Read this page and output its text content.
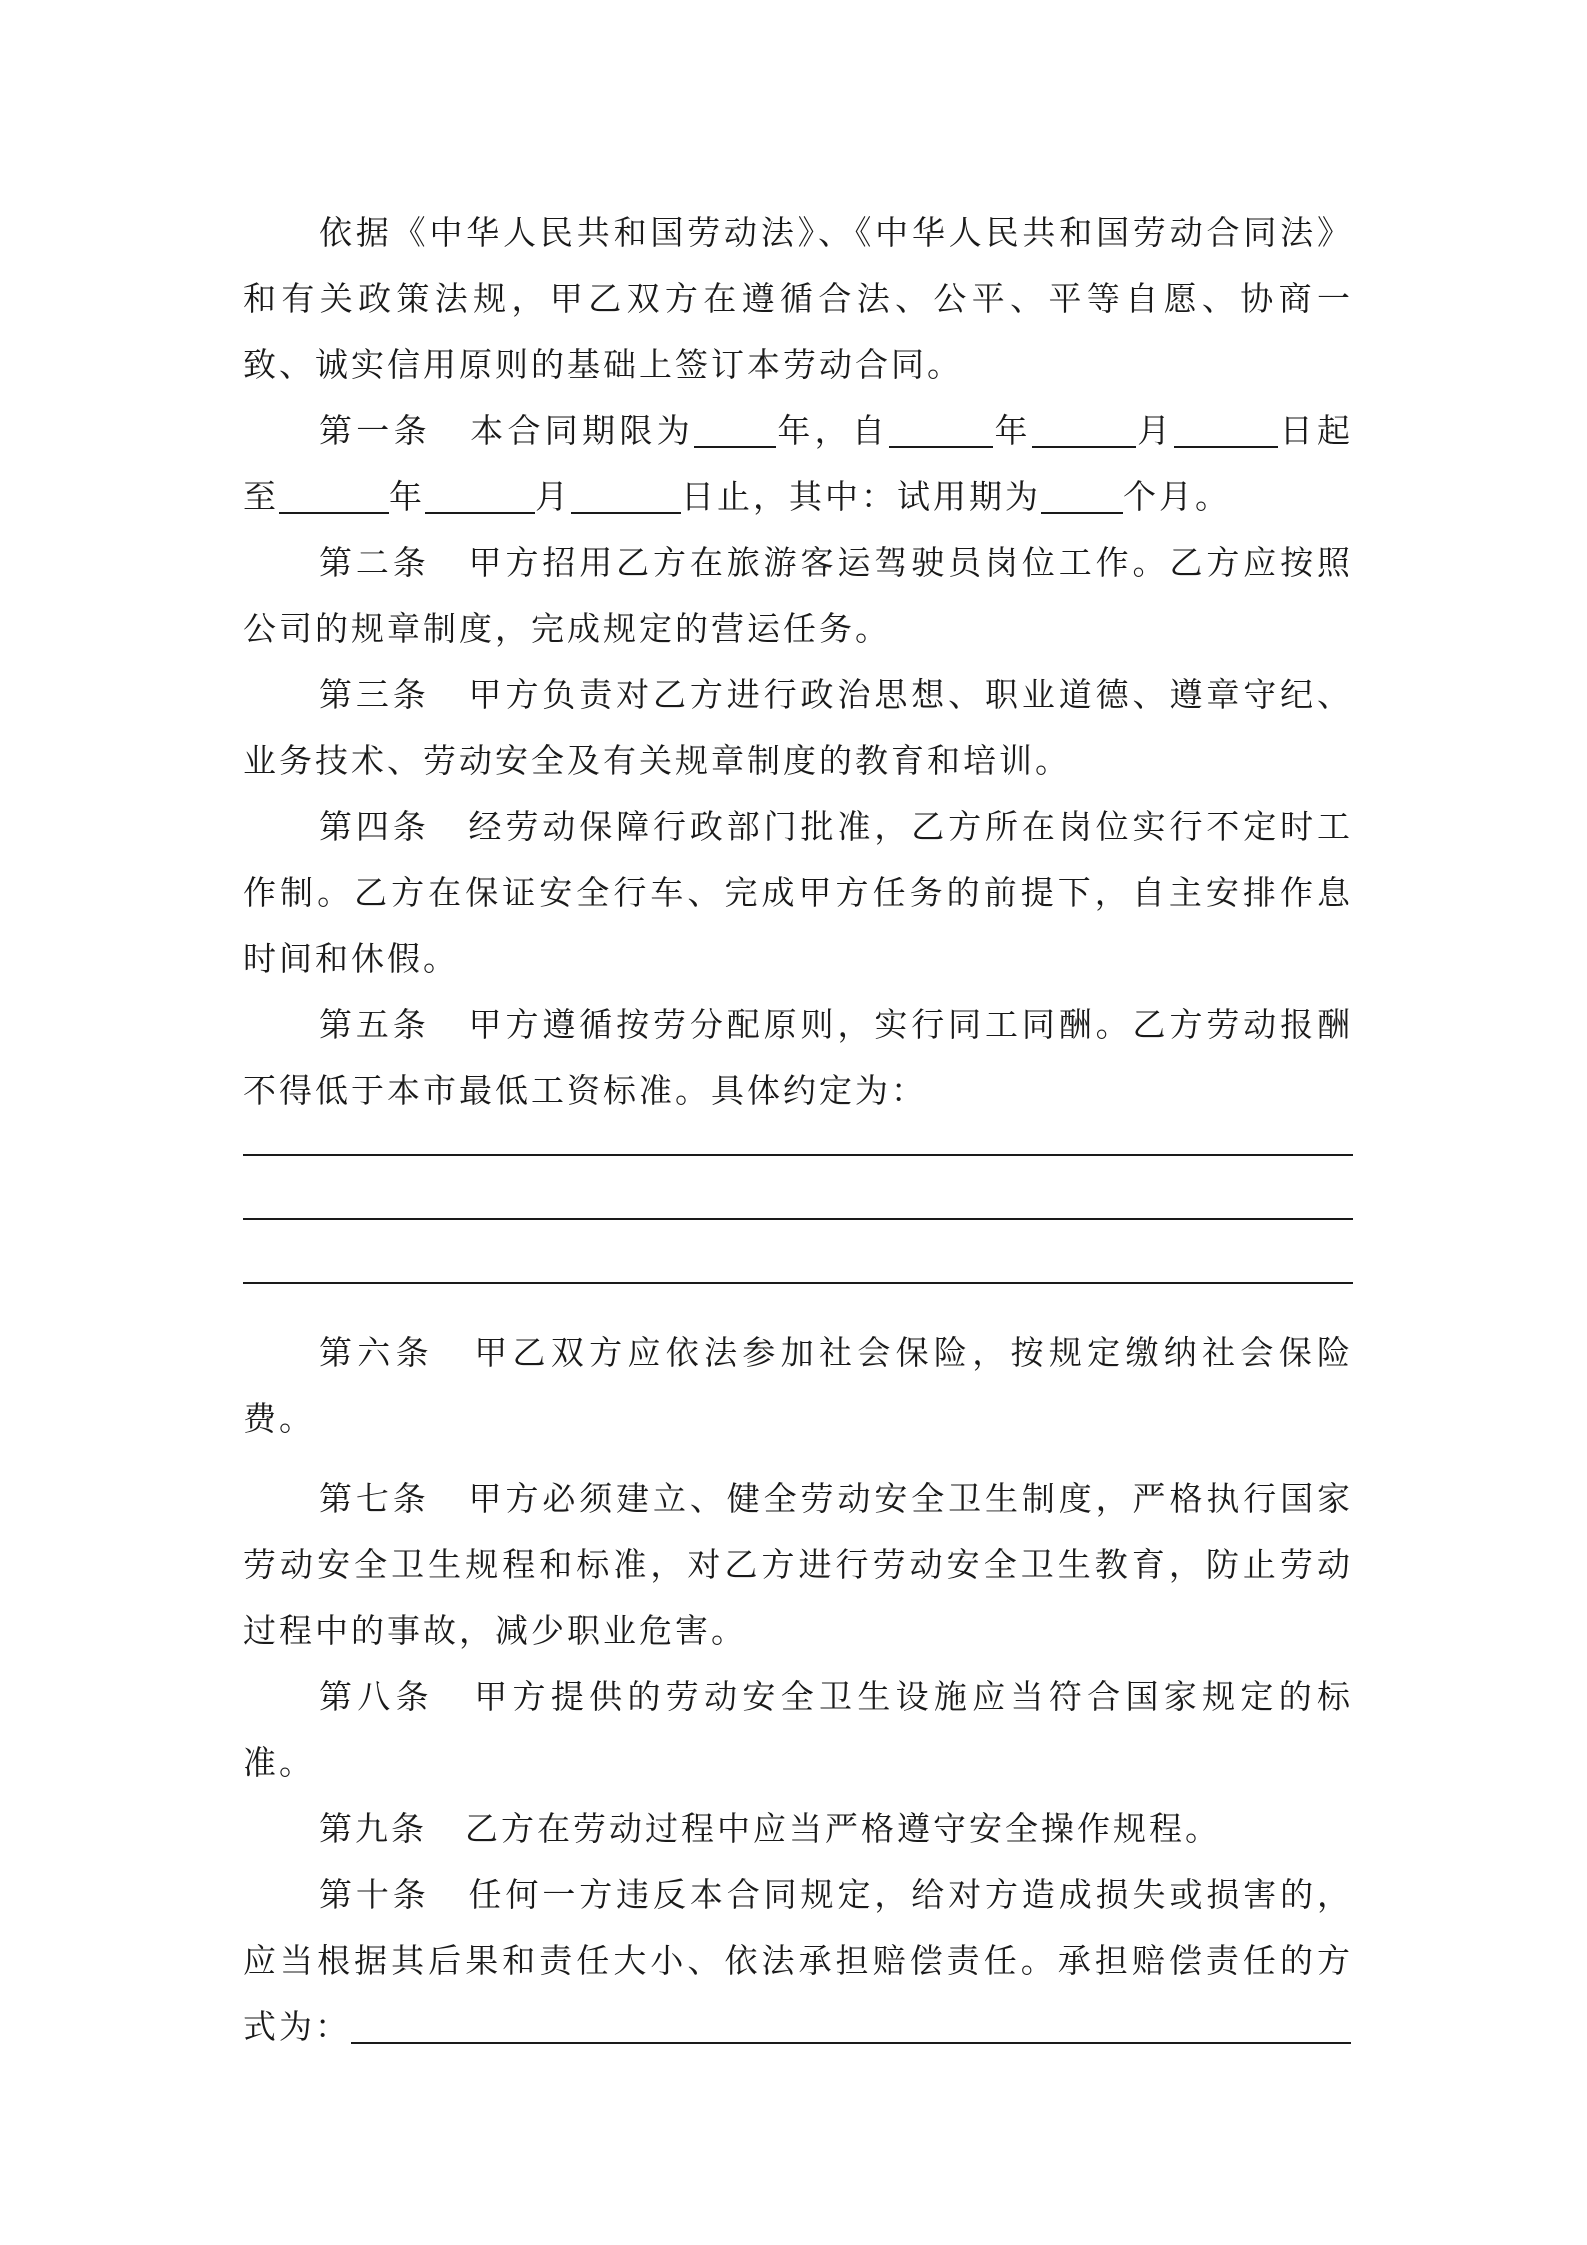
依据《中华人民共和国劳动法》、《中华人民共和国劳动合同法》和有关政策法规，甲乙双方在遵循合法、公平、平等自愿、协商一致、诚实信用原则的基础上签订本劳动合同。

第一条 本合同期限为 年，自	年	月	日起至	年	月	日止，其中：试用期为 个月。

第二条 甲方招用乙方在旅游客运驾驶员岗位工作。乙方应按照公司的规章制度，完成规定的营运任务。

第三条 甲方负责对乙方进行政治思想、职业道德、遵章守纪、业务技术、劳动安全及有关规章制度的教育和培训。

第四条 经劳动保障行政部门批准，乙方所在岗位实行不定时工作制。乙方在保证安全行车、完成甲方任务的前提下，自主安排作息时间和休假。

第五条 甲方遵循按劳分配原则，实行同工同酬。乙方劳动报酬不得低于本市最低工资标准。具体约定为：

第六条 甲乙双方应依法参加社会保险，按规定缴纳社会保险费。

第七条 甲方必须建立、健全劳动安全卫生制度，严格执行国家劳动安全卫生规程和标准，对乙方进行劳动安全卫生教育，防止劳动过程中的事故，减少职业危害。

第八条 甲方提供的劳动安全卫生设施应当符合国家规定的标准。

第九条 乙方在劳动过程中应当严格遵守安全操作规程。

第十条 任何一方违反本合同规定，给对方造成损失或损害的，应当根据其后果和责任大小、依法承担赔偿责任。承担赔偿责任的方式为：
